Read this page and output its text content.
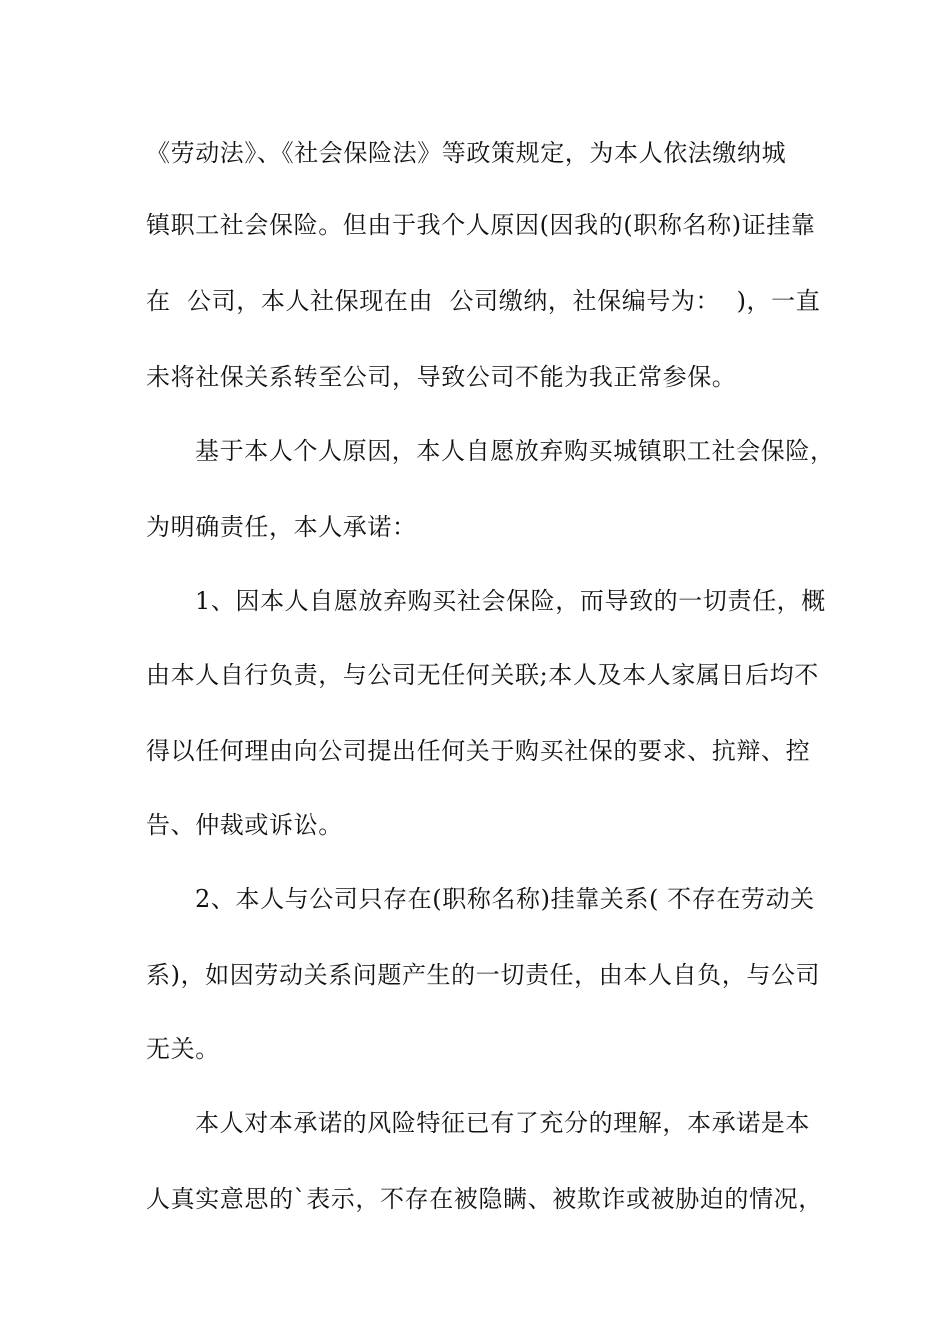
《劳动法》、《社会保险法》等政策规定，为本人依法缴纳城
镇职工社会保险。但由于我个人原因(因我的(职称名称)证挂靠
在  公司，本人社保现在由  公司缴纳，社保编号为：  )，一直
未将社保关系转至公司，导致公司不能为我正常参保。
基于本人个人原因，本人自愿放弃购买城镇职工社会保险，
为明确责任，本人承诺：
1、因本人自愿放弃购买社会保险，而导致的一切责任，概
由本人自行负责，与公司无任何关联;本人及本人家属日后均不
得以任何理由向公司提出任何关于购买社保的要求、抗辩、控
告、仲裁或诉讼。
2、本人与公司只存在(职称名称)挂靠关系( 不存在劳动关
系)，如因劳动关系问题产生的一切责任，由本人自负，与公司
无关。
本人对本承诺的风险特征已有了充分的理解，本承诺是本
人真实意思的`表示，不存在被隐瞒、被欺诈或被胁迫的情况，
